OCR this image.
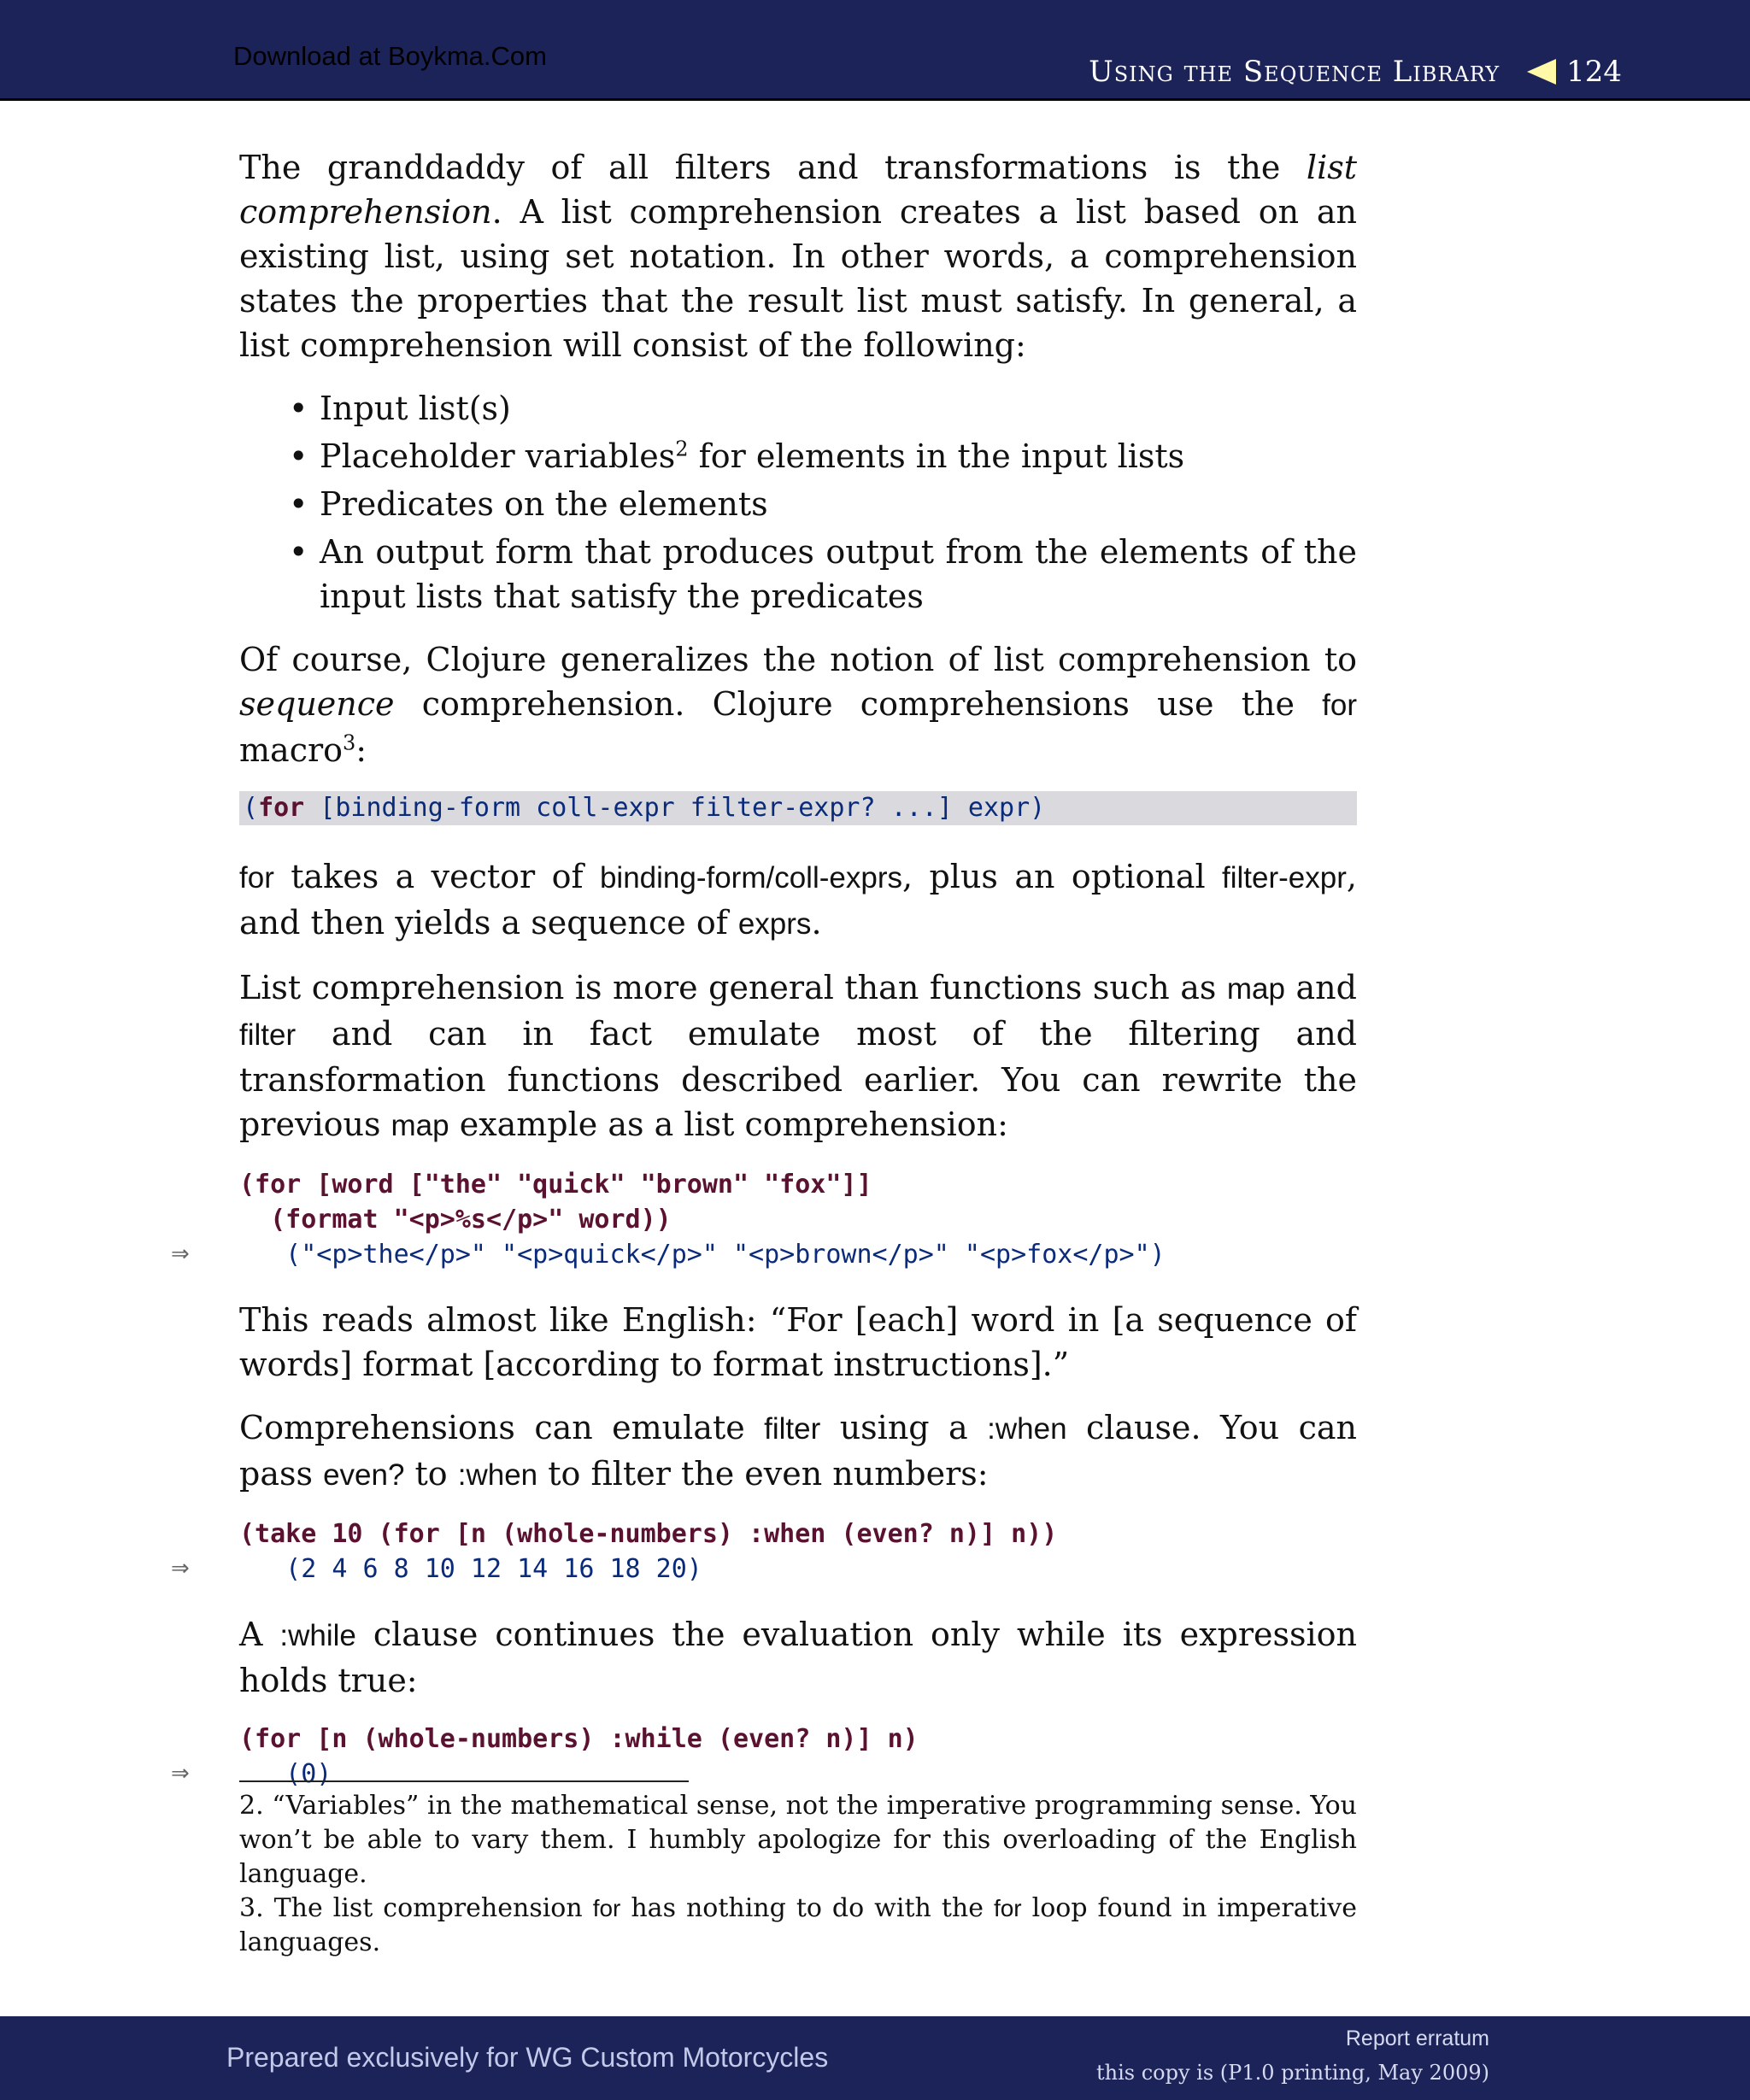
Download at Boykma.Com	Using the Sequence Library 124

The granddaddy of all filters and transformations is the list comprehension. A list comprehension creates a list based on an existing list, using set notation. In other words, a comprehension states the properties that the result list must satisfy. In general, a list comprehension will consist of the following:

• Input list(s)
• Placeholder variables$^2$ for elements in the input lists
• Predicates on the elements
• An output form that produces output from the elements of the input lists that satisfy the predicates

Of course, Clojure generalizes the notion of list comprehension to sequence comprehension. Clojure comprehensions use the for macro$^3$:

(for [binding-form coll-expr filter-expr? ...] expr)

for takes a vector of binding-form/coll-exprs, plus an optional filter-expr, and then yields a sequence of exprs.

List comprehension is more general than functions such as map and filter and can in fact emulate most of the filtering and transformation functions described earlier. You can rewrite the previous map example as a list comprehension:

(for [word ["the" "quick" "brown" "fox"]]
(format "<p>%s</p>" word))
⇒ ("<p>the</p>" "<p>quick</p>" "<p>brown</p>" "<p>fox</p>")

This reads almost like English: “For [each] word in [a sequence of words] format [according to format instructions].”

Comprehensions can emulate filter using a :when clause. You can pass even? to :when to filter the even numbers:

(take 10 (for [n (whole-numbers) :when (even? n)] n))
⇒ (2 4 6 8 10 12 14 16 18 20)

A :while clause continues the evaluation only while its expression holds true:

(for [n (whole-numbers) :while (even? n)] n)
⇒ (0)

2. “Variables” in the mathematical sense, not the imperative programming sense. You won’t be able to vary them. I humbly apologize for this overloading of the English language.

3. The list comprehension for has nothing to do with the for loop found in imperative languages.

Prepared exclusively for WG Custom Motorcycles
Report erratum
this copy is (P1.0 printing, May 2009)
